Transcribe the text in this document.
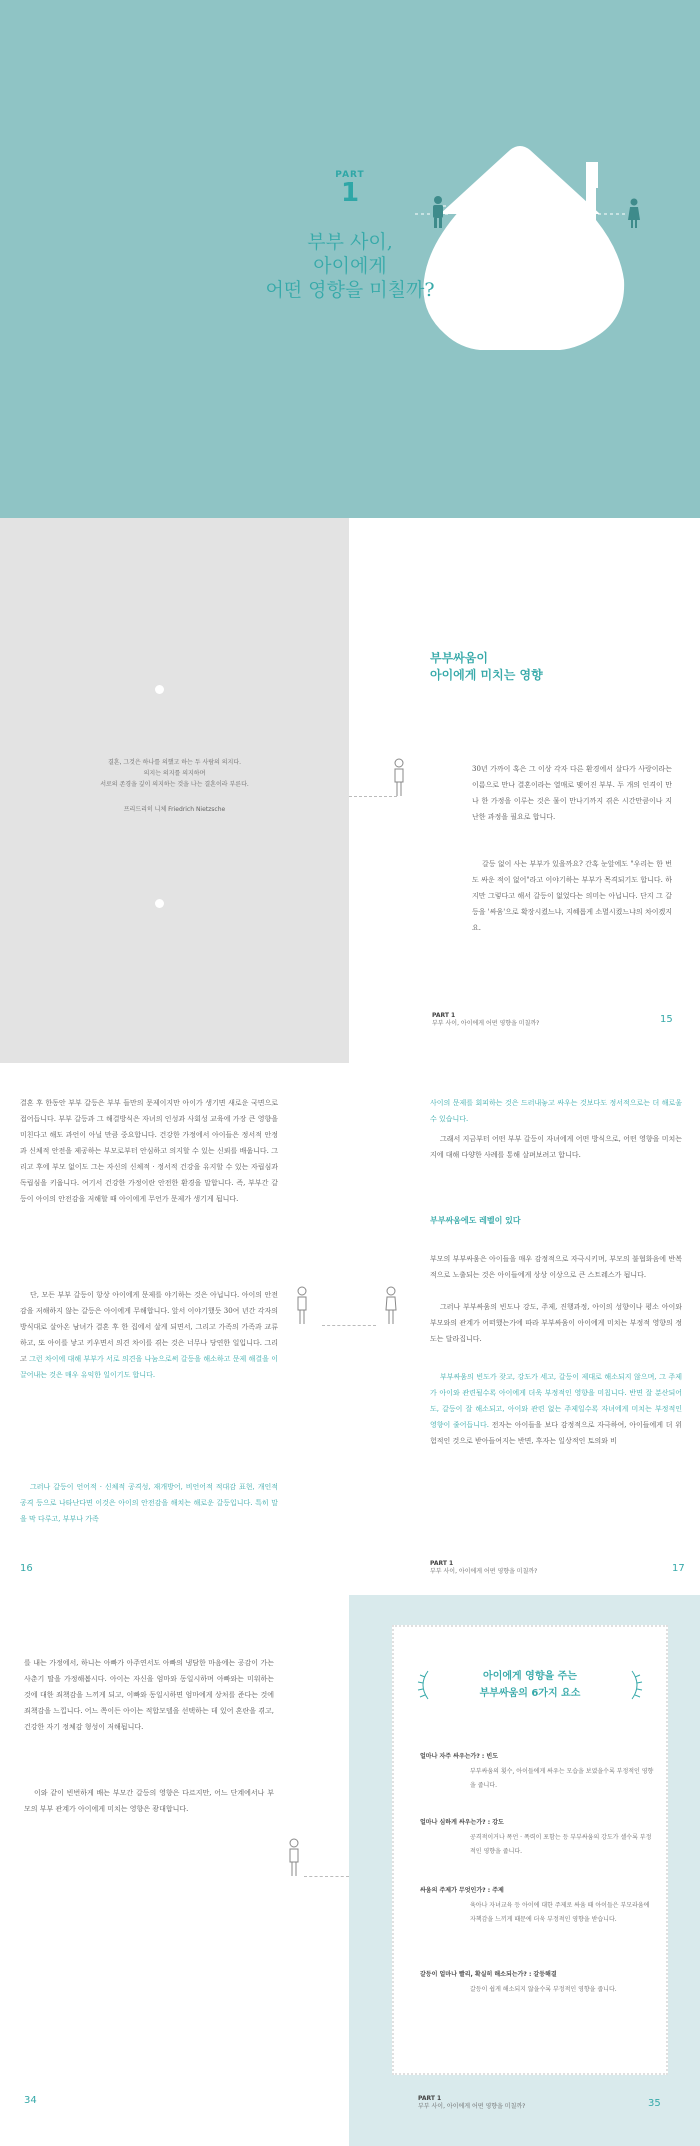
PART
1
부부 사이,
아이에게
어떤 영향을 미칠까?
결혼, 그것은 하나를 의했고 하는 두 사람의 의지다.
의지는 의지를 의지하며
서로의 존경을 깊이 의지하는 것을 나는 결혼이라 부른다.
프리드리히 니체 Friedrich Nietzsche
부부싸움이
아이에게 미치는 영향
30년 가까이 혹은 그 이상 각자 다른 환경에서 살다가 사랑이라는 이름으로 만나 결혼이라는 열매로 맺어진 부부. 두 개의 인격이 만나 한 가정을 이루는 것은 물이 만나기까지 겪은 시간만큼이나 지난한 과정을 필요로 합니다.
갈등 없이 사는 부부가 있을까요? 간혹 눈앞에도 "우리는 한 번도 싸운 적이 없어"라고 이야기하는 부부가 목격되기도 합니다. 하지만 그렇다고 해서 갈등이 없었다는 의미는 아닙니다. 단지 그 갈등을 '싸움'으로 확장시켰느냐, 지혜롭게 소멸시켰느냐의 차이겠지요.
PART 1
부부 사이, 아이에게 어떤 영향을 미칠까?	15
결혼 후 한동안 부부 갈등은 부부 들만의 문제이지만 아이가 생기면 새로운 국면으로 접어듭니다. 부부 갈등과 그 해결방식은 자녀의 인성과 사회성 교육에 가장 큰 영향을 미친다고 해도 과언이 아닐 만큼 중요합니다. 건강한 가정에서 아이들은 정서적 안정과 신체적 안전을 제공하는 부모로부터 안심하고 의지할 수 있는 신뢰를 배웁니다. 그리고 후에 부모 없이도 그는 자신의 신체적 · 정서적 건강을 유지할 수 있는 자립심과 독립심을 키웁니다. 여기서 건강한 가정이란 안전한 환경을 말합니다. 즉, 부부간 갈등이 아이의 안전감을 저해할 때 아이에게 무언가 문제가 생기게 됩니다.
단, 모든 부부 갈등이 항상 아이에게 문제를 야기하는 것은 아닙니다. 아이의 안전감을 저해하지 않는 갈등은 아이에게 무해합니다. 앞서 이야기했듯 30여 년간 각자의 방식대로 살아온 남녀가 결혼 후 한 집에서 살게 되면서, 그리고 가족의 가족과 교류하고, 또 아이를 낳고 키우면서 의견 차이를 겪는 것은 너무나 당연한 일입니다. 그리고 그런 차이에 대해 부부가 서로 의견을 나눔으로써 갈등을 해소하고 문제 해결을 이끌어내는 것은 매우 유익한 일이기도 합니다.
그러나 갈등이 언어적 · 신체적 공격성, 재개방어, 비언어적 적대감 표현, 개인적 공격 등으로 나타난다면 이것은 아이의 안전감을 해치는 해로운 갈등입니다. 특히 말을 막 다루고, 부부나 가족
사이의 문제를 회피하는 것은 드러내놓고 싸우는 것보다도 정서적으로는 더 해로울 수 있습니다.
그래서 지금부터 어떤 부부 갈등이 자녀에게 어떤 방식으로, 어떤 영향을 미치는지에 대해 다양한 사례를 통해 살펴보려고 합니다.
부부싸움에도 레벨이 있다
부모의 부부싸움은 아이들을 매우 감정적으로 자극시키며, 부모의 불협화음에 반복적으로 노출되는 것은 아이들에게 상상 이상으로 큰 스트레스가 됩니다.
그러나 부부싸움의 빈도나 강도, 주제, 진행과정, 아이의 성향이나 평소 아이와 부모와의 관계가 어떠했는가에 따라 부부싸움이 아이에게 미치는 부정적 영향의 정도는 달라집니다.
부부싸움의 빈도가 잦고, 강도가 세고, 갈등이 제대로 해소되지 않으며, 그 주제가 아이와 관련될수록 아이에게 더욱 부정적인 영향을 미칩니다. 반면 잘 분산되어도, 갈등이 잘 해소되고, 아이와 관련 없는 주제일수록 자녀에게 미치는 부정적인 영향이 줄어듭니다. 전자는 아이들을 보다 감정적으로 자극하여, 아이들에게 더 위험적인 것으로 받아들여지는 반면, 후자는 일상적인 토의와 비
16	PART 1
부부 사이, 아이에게 어떤 영향을 미칠까?	17
를 내는 가정에서, 하니는 아빠가 아주연서도 아빠의 냉담한 마음에는 공감이 가는 사춘기 딸을 가정해봅시다. 아이는 자신을 엄마와 동일시하며 아빠와는 미워하는 것에 대한 죄책감을 느끼게 되고, 이빠와 동일시하면 엄마에게 상처를 준다는 것에 죄책감을 느낍니다. 어느 쪽이든 아이는 적합모델을 선택하는 데 있어 혼란을 겪고, 건강한 자기 정체감 형성이 저해됩니다.
이와 같이 빈번하게 배는 부모간 갈등의 영향은 다르지만, 어느 단계에서나 부모의 부부 관계가 아이에게 미치는 영향은 광대합니다.
34
아이에게 영향을 주는
부부싸움의 6가지 요소
얼마나 자주 싸우는가? : 빈도
부부싸움의 횟수, 아이들에게 싸우는 모습을 보였을수록 부정적인 영향을 줍니다.
얼마나 심하게 싸우는가? : 강도
공격적이거나 폭언 · 폭력이 포함는 등 부부싸움의 강도가 셀수록 부정적인 영향을 줍니다.
싸움의 주제가 무엇인가? : 주제
육아나 자녀교육 등 아이에 대한 주제로 싸움 때 아이들은 부모라움에 자책감을 느끼게 때문에 더욱 부정적인 영향을 받습니다.
갈등이 얼마나 빨리, 확실히 해소되는가? : 갈등해결
갈등이 쉽게 해소되지 않을수록 부정적인 영향을 줍니다.
PART 1
부부 사이, 아이에게 어떤 영향을 미칠까?	35
